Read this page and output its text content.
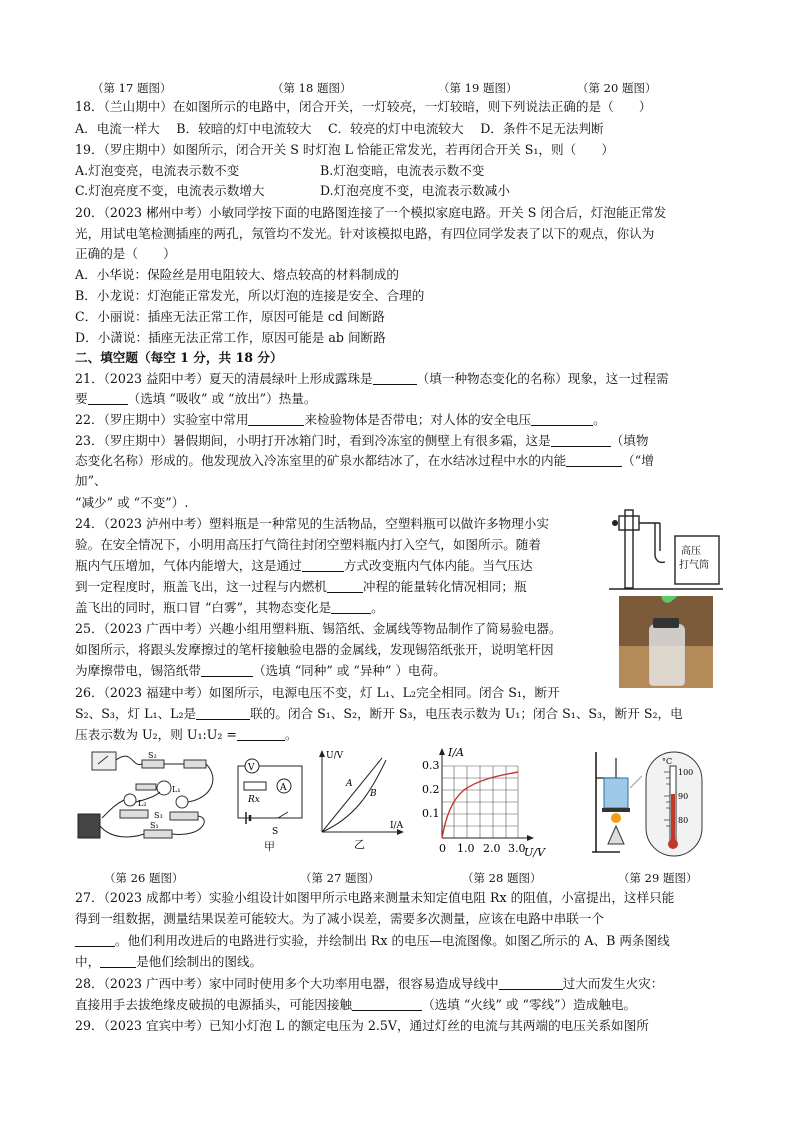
（第 17 题图）	（第 18 题图）	（第 19 题图）	（第 20 题图）
18．（兰山期中）在如图所示的电路中，闭合开关，一灯较亮，一灯较暗，则下列说法正确的是（　　）
A．电流一样大　 B．较暗的灯中电流较大　 C．较亮的灯中电流较大　 D．条件不足无法判断
19．（罗庄期中）如图所示，闭合开关 S 时灯泡 L 恰能正常发光，若再闭合开关 S₁，则（　　）
A.灯泡变亮，电流表示数不变	B.灯泡变暗，电流表示数不变
C.灯泡亮度不变，电流表示数增大	D.灯泡亮度不变，电流表示数减小
20．（2023 郴州中考）小敏同学按下面的电路图连接了一个模拟家庭电路。开关 S 闭合后，灯泡能正常发
光，用试电笔检测插座的两孔，氖管均不发光。针对该模拟电路，有四位同学发表了以下的观点，你认为
正确的是（　　）
A．小华说：保险丝是用电阻较大、熔点较高的材料制成的
B．小龙说：灯泡能正常发光，所以灯泡的连接是安全、合理的
C．小丽说：插座无法正常工作，原因可能是 cd 间断路
D．小潇说：插座无法正常工作，原因可能是 ab 间断路
二、填空题（每空 1 分，共 18 分）
21．（2023 益阳中考）夏天的清晨绿叶上形成露珠是	（填一种物态变化的名称）现象，这一过程需
要	（选填 “吸收” 或 “放出”）热量。
22．（罗庄期中）实验室中常用	来检验物体是否带电；对人体的安全电压	。
23．（罗庄期中）暑假期间，小明打开冰箱门时，看到冷冻室的侧壁上有很多霜，这是	（填物
态变化名称）形成的。他发现放入冷冻室里的矿泉水都结冰了，在水结冰过程中水的内能	（“增
加”、
“减少” 或 “不变”）.
24．（2023 泸州中考）塑料瓶是一种常见的生活物品，空塑料瓶可以做许多物理小实
验。在安全情况下，小明用高压打气筒往封闭空塑料瓶内打入空气，如图所示。随着
瓶内气压增加，气体内能增大，这是通过	方式改变瓶内气体内能。当气压达
到一定程度时，瓶盖飞出，这一过程与内燃机	冲程的能量转化情况相同；瓶
盖飞出的同时，瓶口冒 “白雾”，其物态变化是	。
高压
打气筒
25．（2023 广西中考）兴趣小组用塑料瓶、锡箔纸、金属线等物品制作了简易验电器。
如图所示，将跟头发摩擦过的笔杆接触验电器的金属线，发现锡箔纸张开，说明笔杆因
为摩擦带电，锡箔纸带	（选填 “同种” 或 “异种” ）电荷。
26．（2023 福建中考）如图所示，电源电压不变，灯 L₁、L₂完全相同。闭合 S₁，断开
S₂、S₃，灯 L₁、L₂是	联的。闭合 S₁、S₂，断开 S₃，电压表示数为 U₁；闭合 S₁、S₃，断开 S₂，电
压表示数为 U₂，则 U₁:U₂ =	。
S₂
L₁
L₂
S₃
S₁
V
A
Rx
S
甲
U/V
I/A
A
B
乙
I/A
U/V
0.3
0.2
0.1
0 1.0 2.0 3.0
°C
100
90
80
（第 26 题图）	（第 27 题图）	（第 28 题图）	（第 29 题图）
27．（2023 成都中考）实验小组设计如图甲所示电路来测量未知定值电阻 Rx 的阻值，小富提出，这样只能
得到一组数据，测量结果误差可能较大。为了减小误差，需要多次测量，应该在电路中串联一个
。他们利用改进后的电路进行实验，并绘制出 Rx 的电压—电流图像。如图乙所示的 A、B 两条图线
中，	是他们绘制出的图线。
28．（2023 广西中考）家中同时使用多个大功率用电器，很容易造成导线中	过大而发生火灾：
直接用手去拔绝缘皮破损的电源插头，可能因接触	（选填 “火线” 或 “零线”）造成触电。
29．（2023 宜宾中考）已知小灯泡 L 的额定电压为 2.5V，通过灯丝的电流与其两端的电压关系如图所
